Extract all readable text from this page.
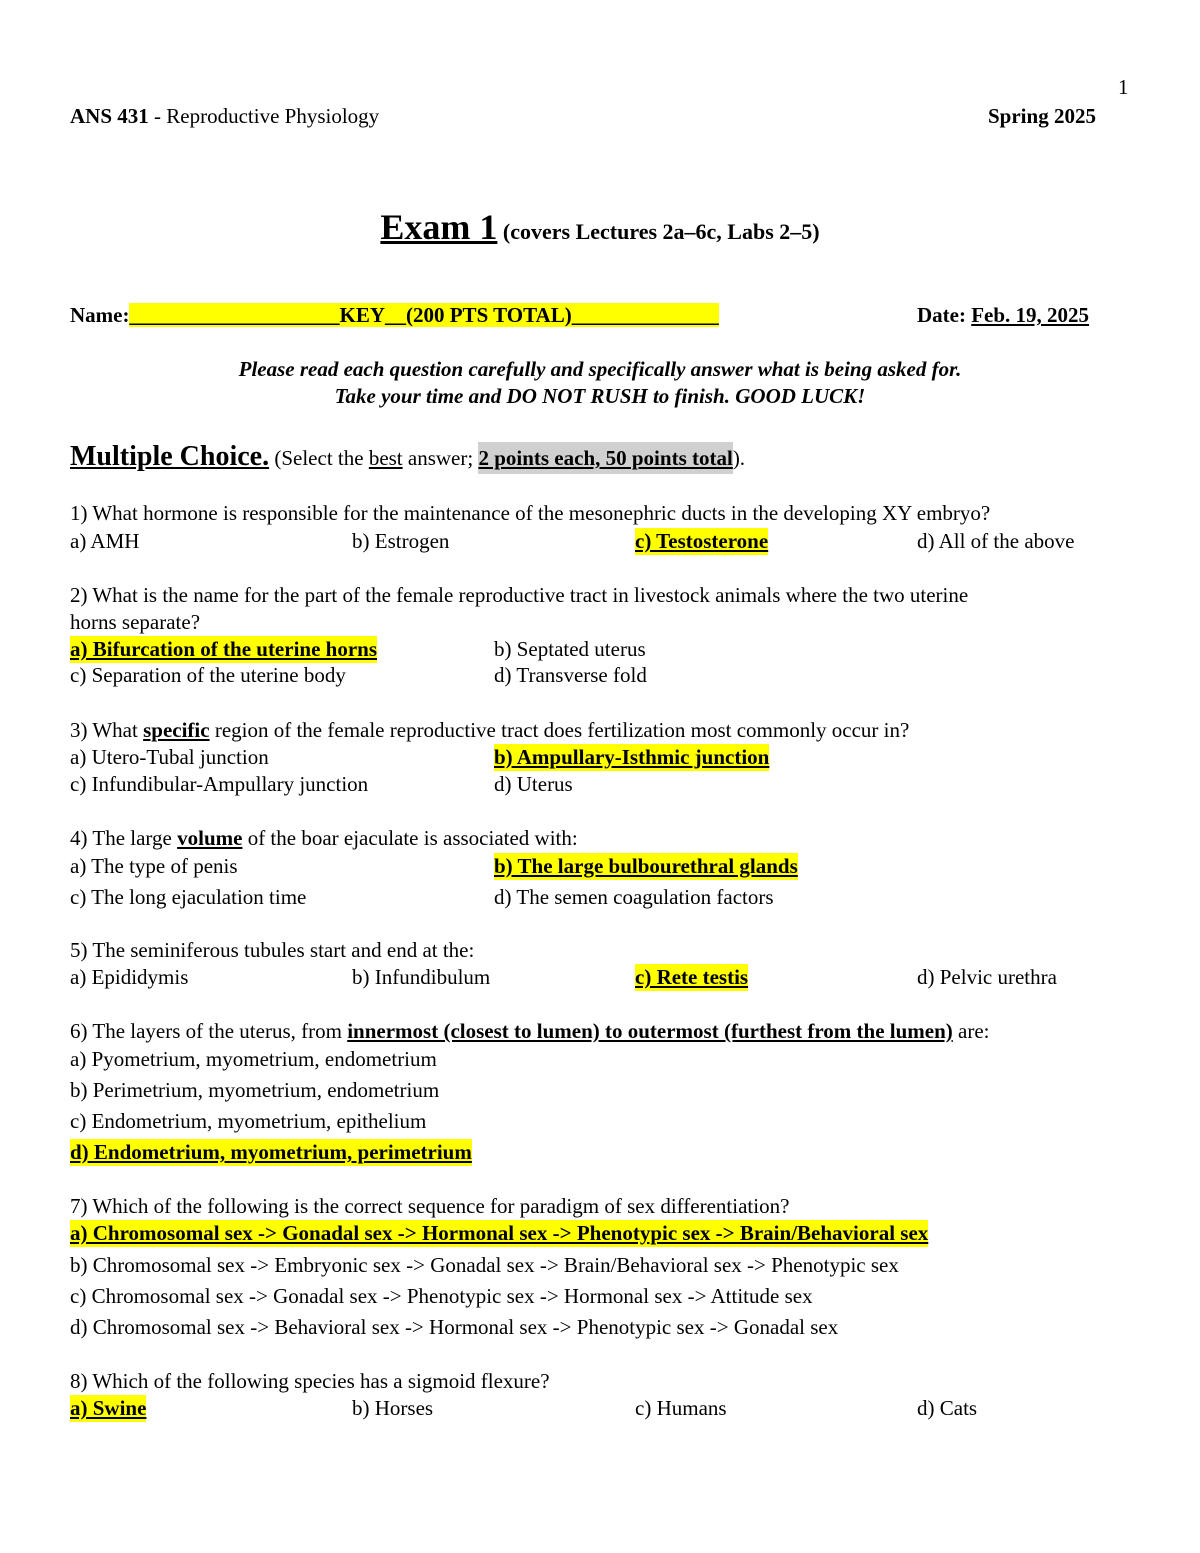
1
ANS 431 - Reproductive Physiology	Spring 2025
Exam 1 (covers Lectures 2a–6c, Labs 2–5)
Name:____________________KEY__(200 PTS TOTAL)______________	Date: Feb. 19, 2025
Please read each question carefully and specifically answer what is being asked for.
Take your time and DO NOT RUSH to finish. GOOD LUCK!
Multiple Choice. (Select the best answer; 2 points each, 50 points total).
1) What hormone is responsible for the maintenance of the mesonephric ducts in the developing XY embryo?
a) AMH	b) Estrogen	c) Testosterone	d) All of the above
2) What is the name for the part of the female reproductive tract in livestock animals where the two uterine
horns separate?
a) Bifurcation of the uterine horns	b) Septated uterus
c) Separation of the uterine body	d) Transverse fold
3) What specific region of the female reproductive tract does fertilization most commonly occur in?
a) Utero-Tubal junction	b) Ampullary-Isthmic junction
c) Infundibular-Ampullary junction	d) Uterus
4) The large volume of the boar ejaculate is associated with:
a) The type of penis	b) The large bulbourethral glands
c) The long ejaculation time	d) The semen coagulation factors
5) The seminiferous tubules start and end at the:
a) Epididymis	b) Infundibulum	c) Rete testis	d) Pelvic urethra
6) The layers of the uterus, from innermost (closest to lumen) to outermost (furthest from the lumen) are:
a) Pyometrium, myometrium, endometrium
b) Perimetrium, myometrium, endometrium
c) Endometrium, myometrium, epithelium
d) Endometrium, myometrium, perimetrium
7) Which of the following is the correct sequence for paradigm of sex differentiation?
a) Chromosomal sex -> Gonadal sex -> Hormonal sex -> Phenotypic sex -> Brain/Behavioral sex
b) Chromosomal sex -> Embryonic sex -> Gonadal sex -> Brain/Behavioral sex -> Phenotypic sex
c) Chromosomal sex -> Gonadal sex -> Phenotypic sex -> Hormonal sex -> Attitude sex
d) Chromosomal sex -> Behavioral sex -> Hormonal sex -> Phenotypic sex -> Gonadal sex
8) Which of the following species has a sigmoid flexure?
a) Swine	b) Horses	c) Humans	d) Cats
